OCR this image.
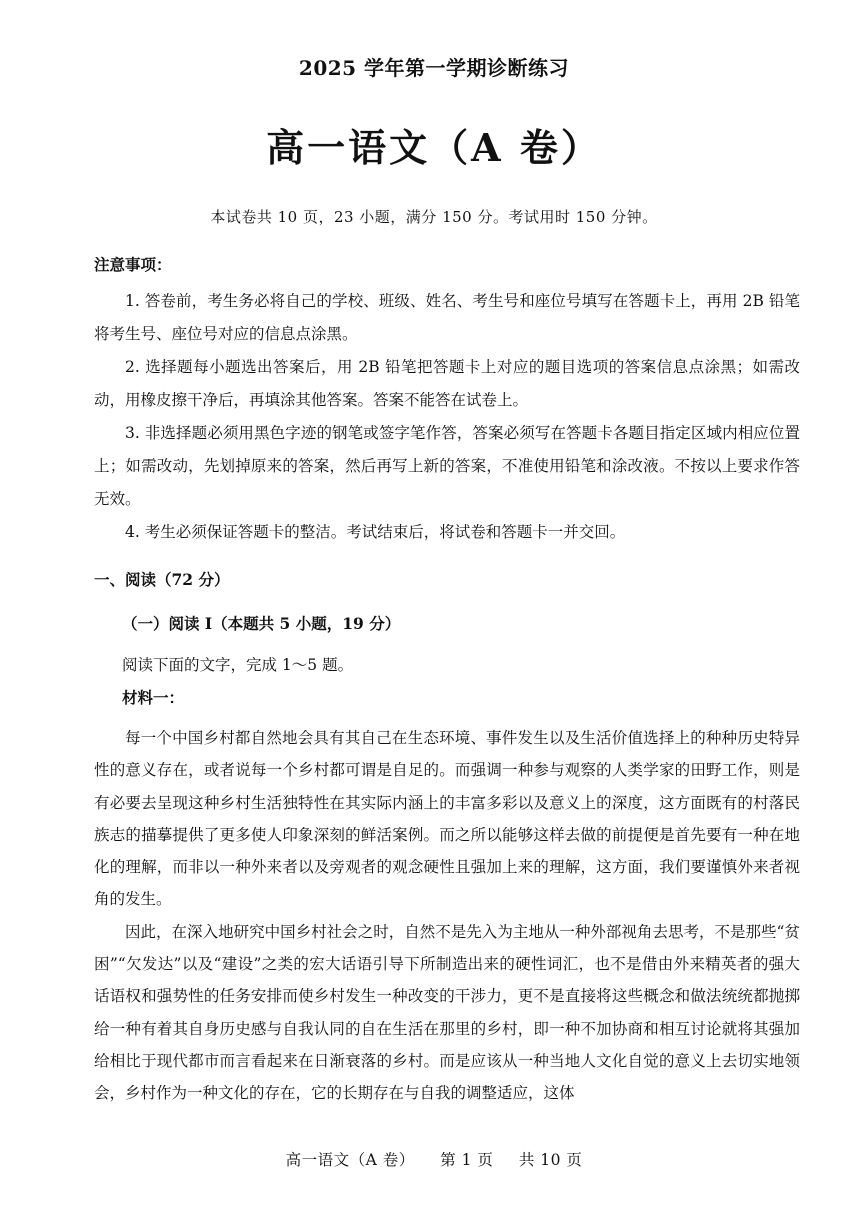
2025 学年第一学期诊断练习
高一语文（A 卷）
本试卷共 10 页，23 小题，满分 150 分。考试用时 150 分钟。
注意事项：

1. 答卷前，考生务必将自己的学校、班级、姓名、考生号和座位号填写在答题卡上，再用 2B 铅笔将考生号、座位号对应的信息点涂黑。

2. 选择题每小题选出答案后，用 2B 铅笔把答题卡上对应的题目选项的答案信息点涂黑；如需改动，用橡皮擦干净后，再填涂其他答案。答案不能答在试卷上。

3. 非选择题必须用黑色字迹的钢笔或签字笔作答，答案必须写在答题卡各题目指定区域内相应位置上；如需改动，先划掉原来的答案，然后再写上新的答案，不准使用铅笔和涂改液。不按以上要求作答无效。

4. 考生必须保证答题卡的整洁。考试结束后，将试卷和答题卡一并交回。

一、阅读（72 分）
（一）阅读 I（本题共 5 小题，19 分）
阅读下面的文字，完成 1～5 题。
材料一：

每一个中国乡村都自然地会具有其自己在生态环境、事件发生以及生活价值选择上的种种历史特异性的意义存在，或者说每一个乡村都可谓是自足的。而强调一种参与观察的人类学家的田野工作，则是有必要去呈现这种乡村生活独特性在其实际内涵上的丰富多彩以及意义上的深度，这方面既有的村落民族志的描摹提供了更多使人印象深刻的鲜活案例。而之所以能够这样去做的前提便是首先要有一种在地化的理解，而非以一种外来者以及旁观者的观念硬性且强加上来的理解，这方面，我们要谨慎外来者视角的发生。

因此，在深入地研究中国乡村社会之时，自然不是先入为主地从一种外部视角去思考，不是那些“贫困”“欠发达”以及“建设”之类的宏大话语引导下所制造出来的硬性词汇，也不是借由外来精英者的强大话语权和强势性的任务安排而使乡村发生一种改变的干涉力，更不是直接将这些概念和做法统统都抛掷给一种有着其自身历史感与自我认同的自在生活在那里的乡村，即一种不加协商和相互讨论就将其强加给相比于现代都市而言看起来在日渐衰落的乡村。而是应该从一种当地人文化自觉的意义上去切实地领会，乡村作为一种文化的存在，它的长期存在与自我的调整适应，这体

高一语文（A 卷） 第 1 页 共 10 页
